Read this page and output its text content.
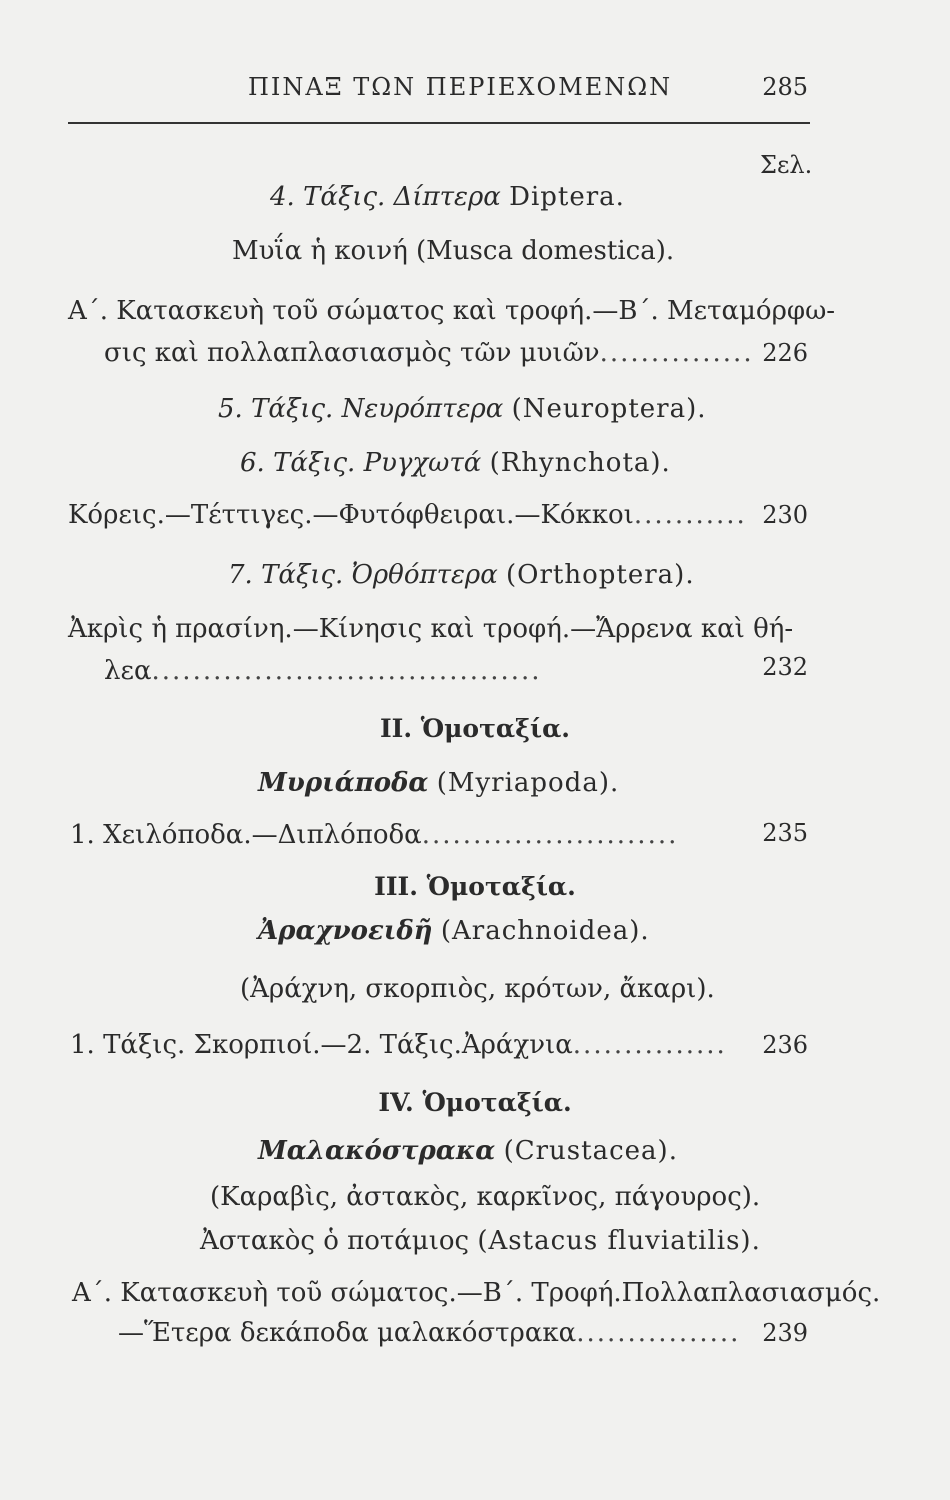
ΠΙΝΑΞ ΤΩΝ ΠΕΡΙΕΧΟΜΕΝΩΝ	285
Σελ.
4. Τάξις. Δίπτερα Diptera.
Μυΐα ἡ κοινή (Musca domestica).
Α΄. Κατασκευὴ τοῦ σώματος καὶ τροφή.—Β΄. Μεταμόρφω-
σις καὶ πολλαπλασιασμὸς τῶν μυιῶν............... 226
5. Τάξις. Νευρόπτερα (Neuroptera).
6. Τάξις. Ρυγχωτά (Rhynchota).
Κόρεις.—Τέττιγες.—Φυτόφθειραι.—Κόκκοι........... 230
7. Τάξις. Ὀρθόπτερα (Orthoptera).
Ἀκρὶς ἡ πρασίνη.—Κίνησις καὶ τροφή.—Ἄρρενα καὶ θή-
λεα......................................	232
II. Ὁμοταξία.
Μυριάποδα (Myriapoda).
1. Χειλόποδα.—Διπλόποδα.........................	235
III. Ὁμοταξία.
Ἀραχνοειδῆ (Arachnoidea).
(Ἀράχνη, σκορπιὸς, κρότων, ἄκαρι).
1. Τάξις. Σκορπιοί.—2. Τάξις.Ἀράχνια...............	236
IV. Ὁμοταξία.
Μαλακόστρακα (Crustacea).
(Καραβὶς, ἀστακὸς, καρκῖνος, πάγουρος).
Ἀστακὸς ὁ ποτάμιος (Astacus fluviatilis).
Α΄. Κατασκευὴ τοῦ σώματος.—Β΄. Τροφή.Πολλαπλασιασμός.
—Ἕτερα δεκάποδα μαλακόστρακα................ 239
